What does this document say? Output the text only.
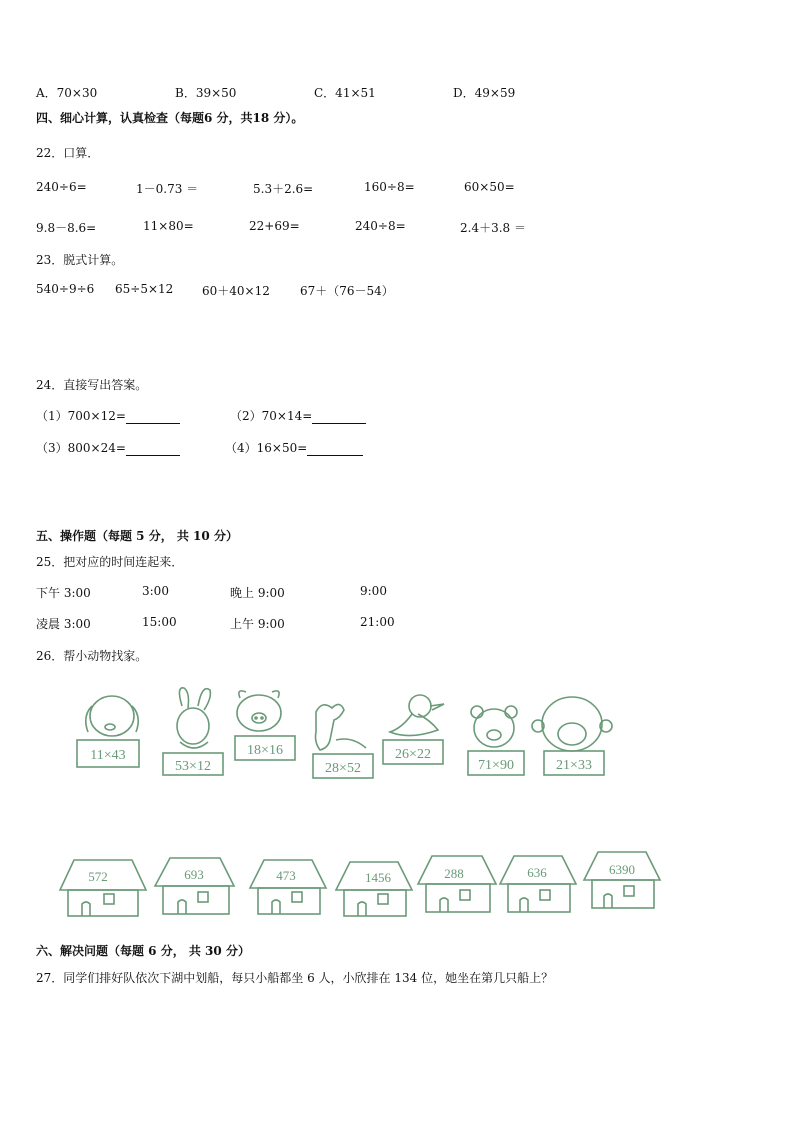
A．70×30	B．39×50	C．41×51	D．49×59
四、细心计算，认真检查（每题6 分，共18 分）。
22．口算．
240÷6=	1－0.73 ＝	5.3＋2.6=	160÷8=	60×50=
9.8－8.6=	11×80=	22+69=	240÷8=	2.4＋3.8 ＝
23．脱式计算。
540÷9÷6 65÷5×12 60＋40×12	67＋（76－54）
24．直接写出答案。
（1）700×12=	（2）70×14=
（3）800×24=	（4）16×50=
五、操作题（每题 5 分， 共 10 分）
25．把对应的时间连起来．
下午 3:00	3:00	晚上 9:00	9:00
凌晨 3:00	15:00	上午 9:00	21:00
26．帮小动物找家。
11×43
53×12
18×16
28×52
26×22
71×90	21×33
572	693	473	1456	288	636	6390
六、解决问题（每题 6 分， 共 30 分）
27．同学们排好队依次下湖中划船，每只小船都坐 6 人，小欣排在 134 位，她坐在第几只船上？
